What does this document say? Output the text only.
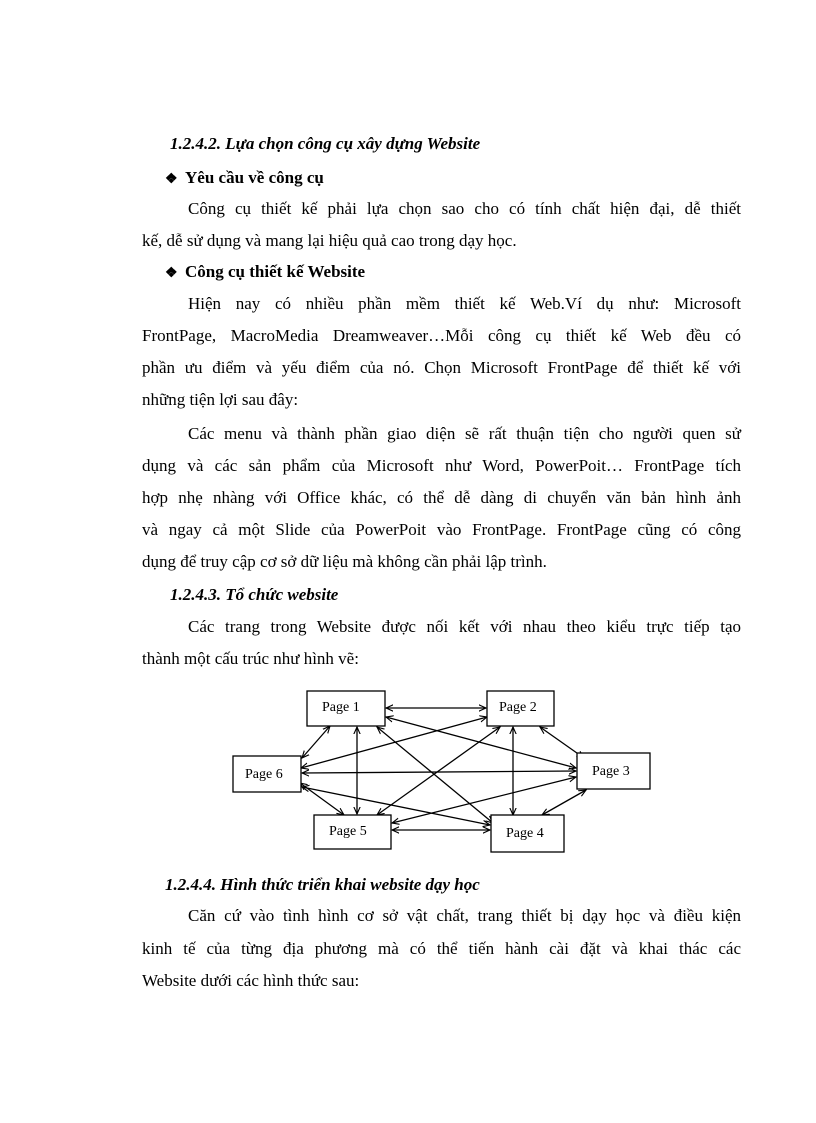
1.2.4.2. Lựa chọn công cụ xây dựng Website
❖ Yêu cầu về công cụ
Công cụ thiết kế phải lựa chọn sao cho có tính chất hiện đại, dễ thiết
kế, dễ sử dụng và mang lại hiệu quả cao trong dạy học.
❖ Công cụ thiết kế Website
Hiện nay có nhiều phần mềm thiết kế Web.Ví dụ như: Microsoft
FrontPage, MacroMedia Dreamweaver…Mỗi công cụ thiết kế Web đều có
phần ưu điểm và yếu điểm của nó. Chọn Microsoft FrontPage để thiết kế với
những tiện lợi sau đây:
Các menu và thành phần giao diện sẽ rất thuận tiện cho người quen sử
dụng và các sản phẩm của Microsoft như Word, PowerPoit… FrontPage tích
hợp nhẹ nhàng với Office khác, có thể dễ dàng di chuyển văn bản hình ảnh
và ngay cả một Slide của PowerPoit vào FrontPage. FrontPage cũng có công
dụng để truy cập cơ sở dữ liệu mà không cần phải lập trình.
1.2.4.3. Tổ chức website
Các trang trong Website được nối kết với nhau theo kiểu trực tiếp tạo
thành một cấu trúc như hình vẽ:
Page 1	Page 2
Page 3
Page 4
Page 5
Page 6
1.2.4.4. Hình thức triển khai website dạy học
Căn cứ vào tình hình cơ sở vật chất, trang thiết bị dạy học và điều kiện
kinh tế của từng địa phương mà có thể tiến hành cài đặt và khai thác các
Website dưới các hình thức sau:
